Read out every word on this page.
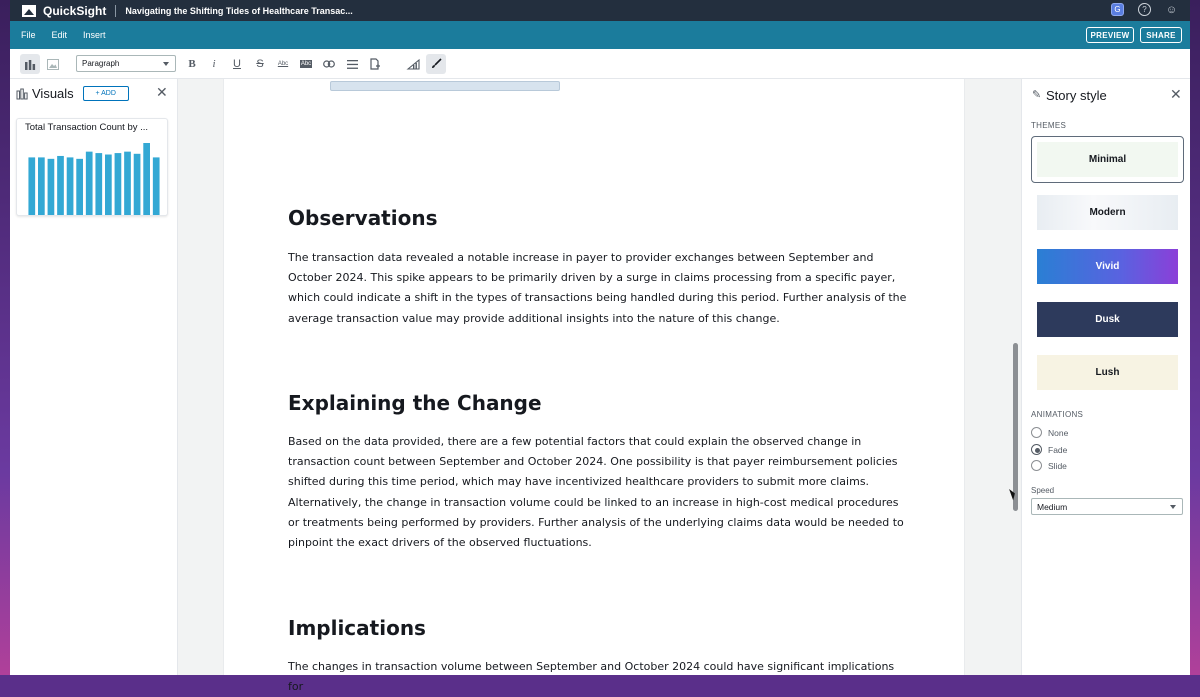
QuickSight Navigating the Shifting Tides of Healthcare Transac...	G	?	☺
File Edit Insert	PREVIEW	SHARE
Paragraph	B	i	U	S	Abc	Abc
Visuals	+ ADD	✕
Total Transaction Count by ...
Observations

The transaction data revealed a notable increase in payer to provider exchanges between September and October 2024. This spike appears to be primarily driven by a surge in claims processing from a specific payer, which could indicate a shift in the types of transactions being handled during this period. Further analysis of the average transaction value may provide additional insights into the nature of this change.

Explaining the Change

Based on the data provided, there are a few potential factors that could explain the observed change in transaction count between September and October 2024. One possibility is that payer reimbursement policies shifted during this time period, which may have incentivized healthcare providers to submit more claims. Alternatively, the change in transaction volume could be linked to an increase in high-cost medical procedures or treatments being performed by providers. Further analysis of the underlying claims data would be needed to pinpoint the exact drivers of the observed fluctuations.

Implications

The changes in transaction volume between September and October 2024 could have significant implications for

✎ Story style	✕
THEMES
Minimal
Modern
Vivid
Dusk
Lush
ANIMATIONS
None
Fade
Slide
Speed
Medium
